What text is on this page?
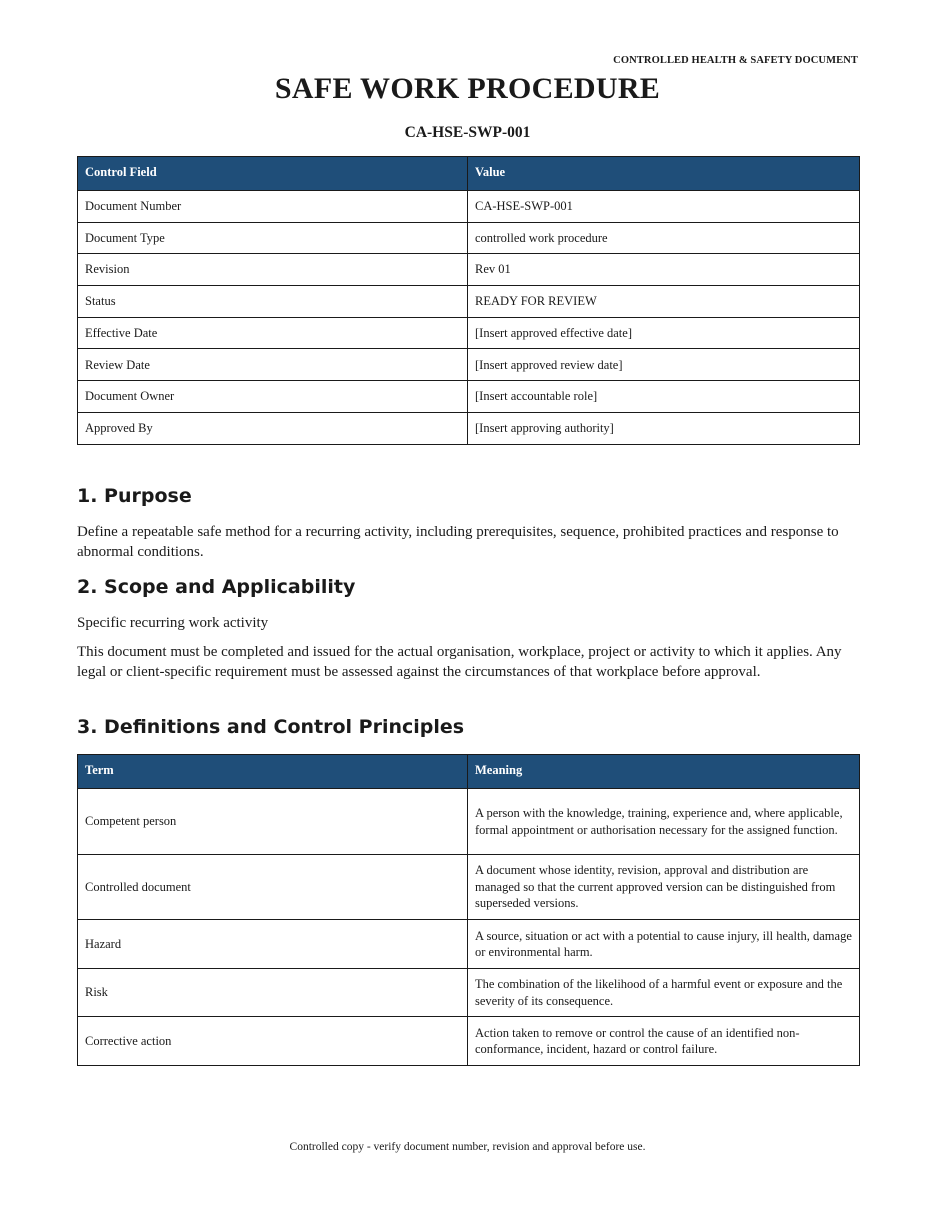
CONTROLLED HEALTH & SAFETY DOCUMENT
SAFE WORK PROCEDURE
CA-HSE-SWP-001
Control Field	Value
Document Number	CA-HSE-SWP-001
Document Type	controlled work procedure
Revision	Rev 01
Status	READY FOR REVIEW
Effective Date	[Insert approved effective date]
Review Date	[Insert approved review date]
Document Owner	[Insert accountable role]
Approved By	[Insert approving authority]
1. Purpose

Define a repeatable safe method for a recurring activity, including prerequisites, sequence, prohibited practices and response to abnormal conditions.

2. Scope and Applicability

Specific recurring work activity

This document must be completed and issued for the actual organisation, workplace, project or activity to which it applies. Any legal or client-specific requirement must be assessed against the circumstances of that workplace before approval.

3. Definitions and Control Principles
Term	Meaning
Competent person	A person with the knowledge, training, experience and, where applicable, formal appointment or authorisation necessary for the assigned function.
Controlled document	A document whose identity, revision, approval and distribution are managed so that the current approved version can be distinguished from superseded versions.
Hazard	A source, situation or act with a potential to cause injury, ill health, damage or environmental harm.
Risk	The combination of the likelihood of a harmful event or exposure and the severity of its consequence.
Corrective action	Action taken to remove or control the cause of an identified non-conformance, incident, hazard or control failure.
Controlled copy - verify document number, revision and approval before use.
